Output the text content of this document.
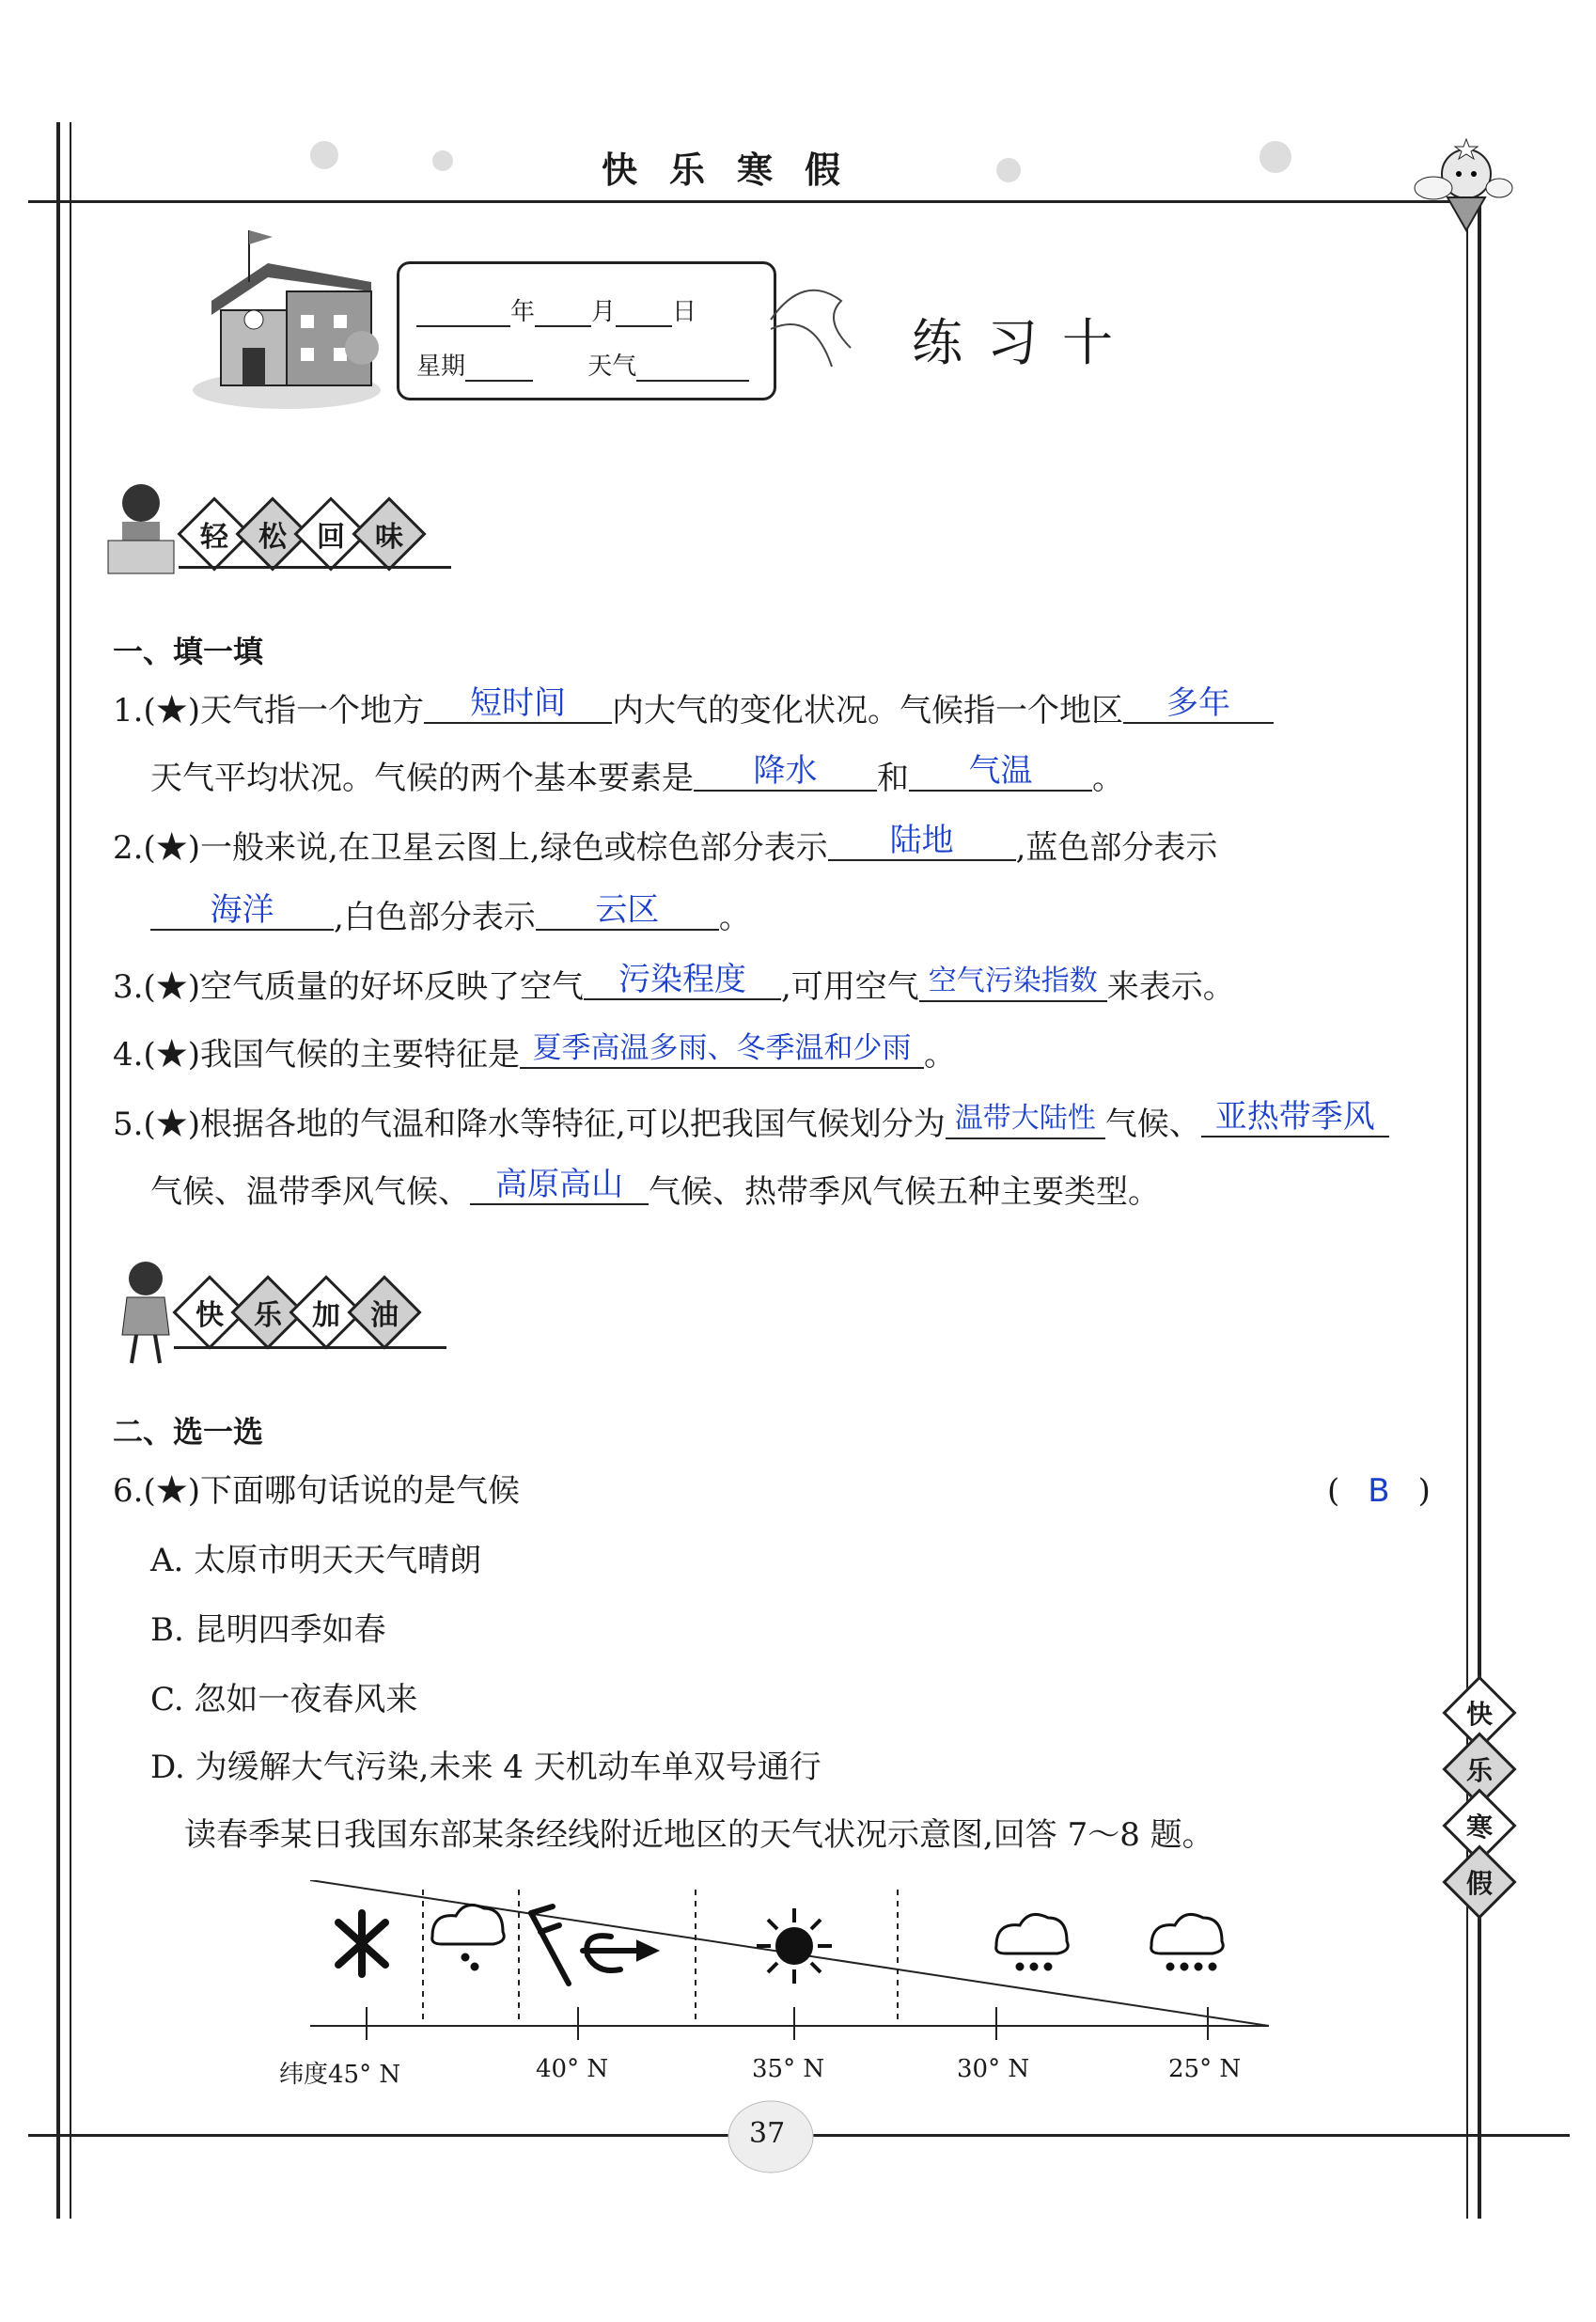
快乐寒假
年 月 日
星期	天气	练习十
轻 松 回 味
一、填一填
1.(★)天气指一个地方 短时间 内大气的变化状况。气候指一个地区 多年
天气平均状况。气候的两个基本要素是 降水 和 气温 。
2.(★)一般来说,在卫星云图上,绿色或棕色部分表示 陆地 ,蓝色部分表示
海洋 ,白色部分表示 云区 。
3.(★)空气质量的好坏反映了空气 污染程度 ,可用空气 空气污染指数 来表示。
4.(★)我国气候的主要特征是 夏季高温多雨、冬季温和少雨 。
5.(★)根据各地的气温和降水等特征,可以把我国气候划分为 温带大陆性 气候、 亚热带季风
气候、温带季风气候、 高原高山 气候、热带季风气候五种主要类型。
快 乐 加 油
二、选一选
6.(★)下面哪句话说的是气候	( B )
A. 太原市明天天气晴朗
B. 昆明四季如春
C. 忽如一夜春风来
D. 为缓解大气污染,未来 4 天机动车单双号通行
读春季某日我国东部某条经线附近地区的天气状况示意图,回答 7～8 题。
纬度45° N	40° N	35° N	30° N	25° N
快
乐
寒
假
37
